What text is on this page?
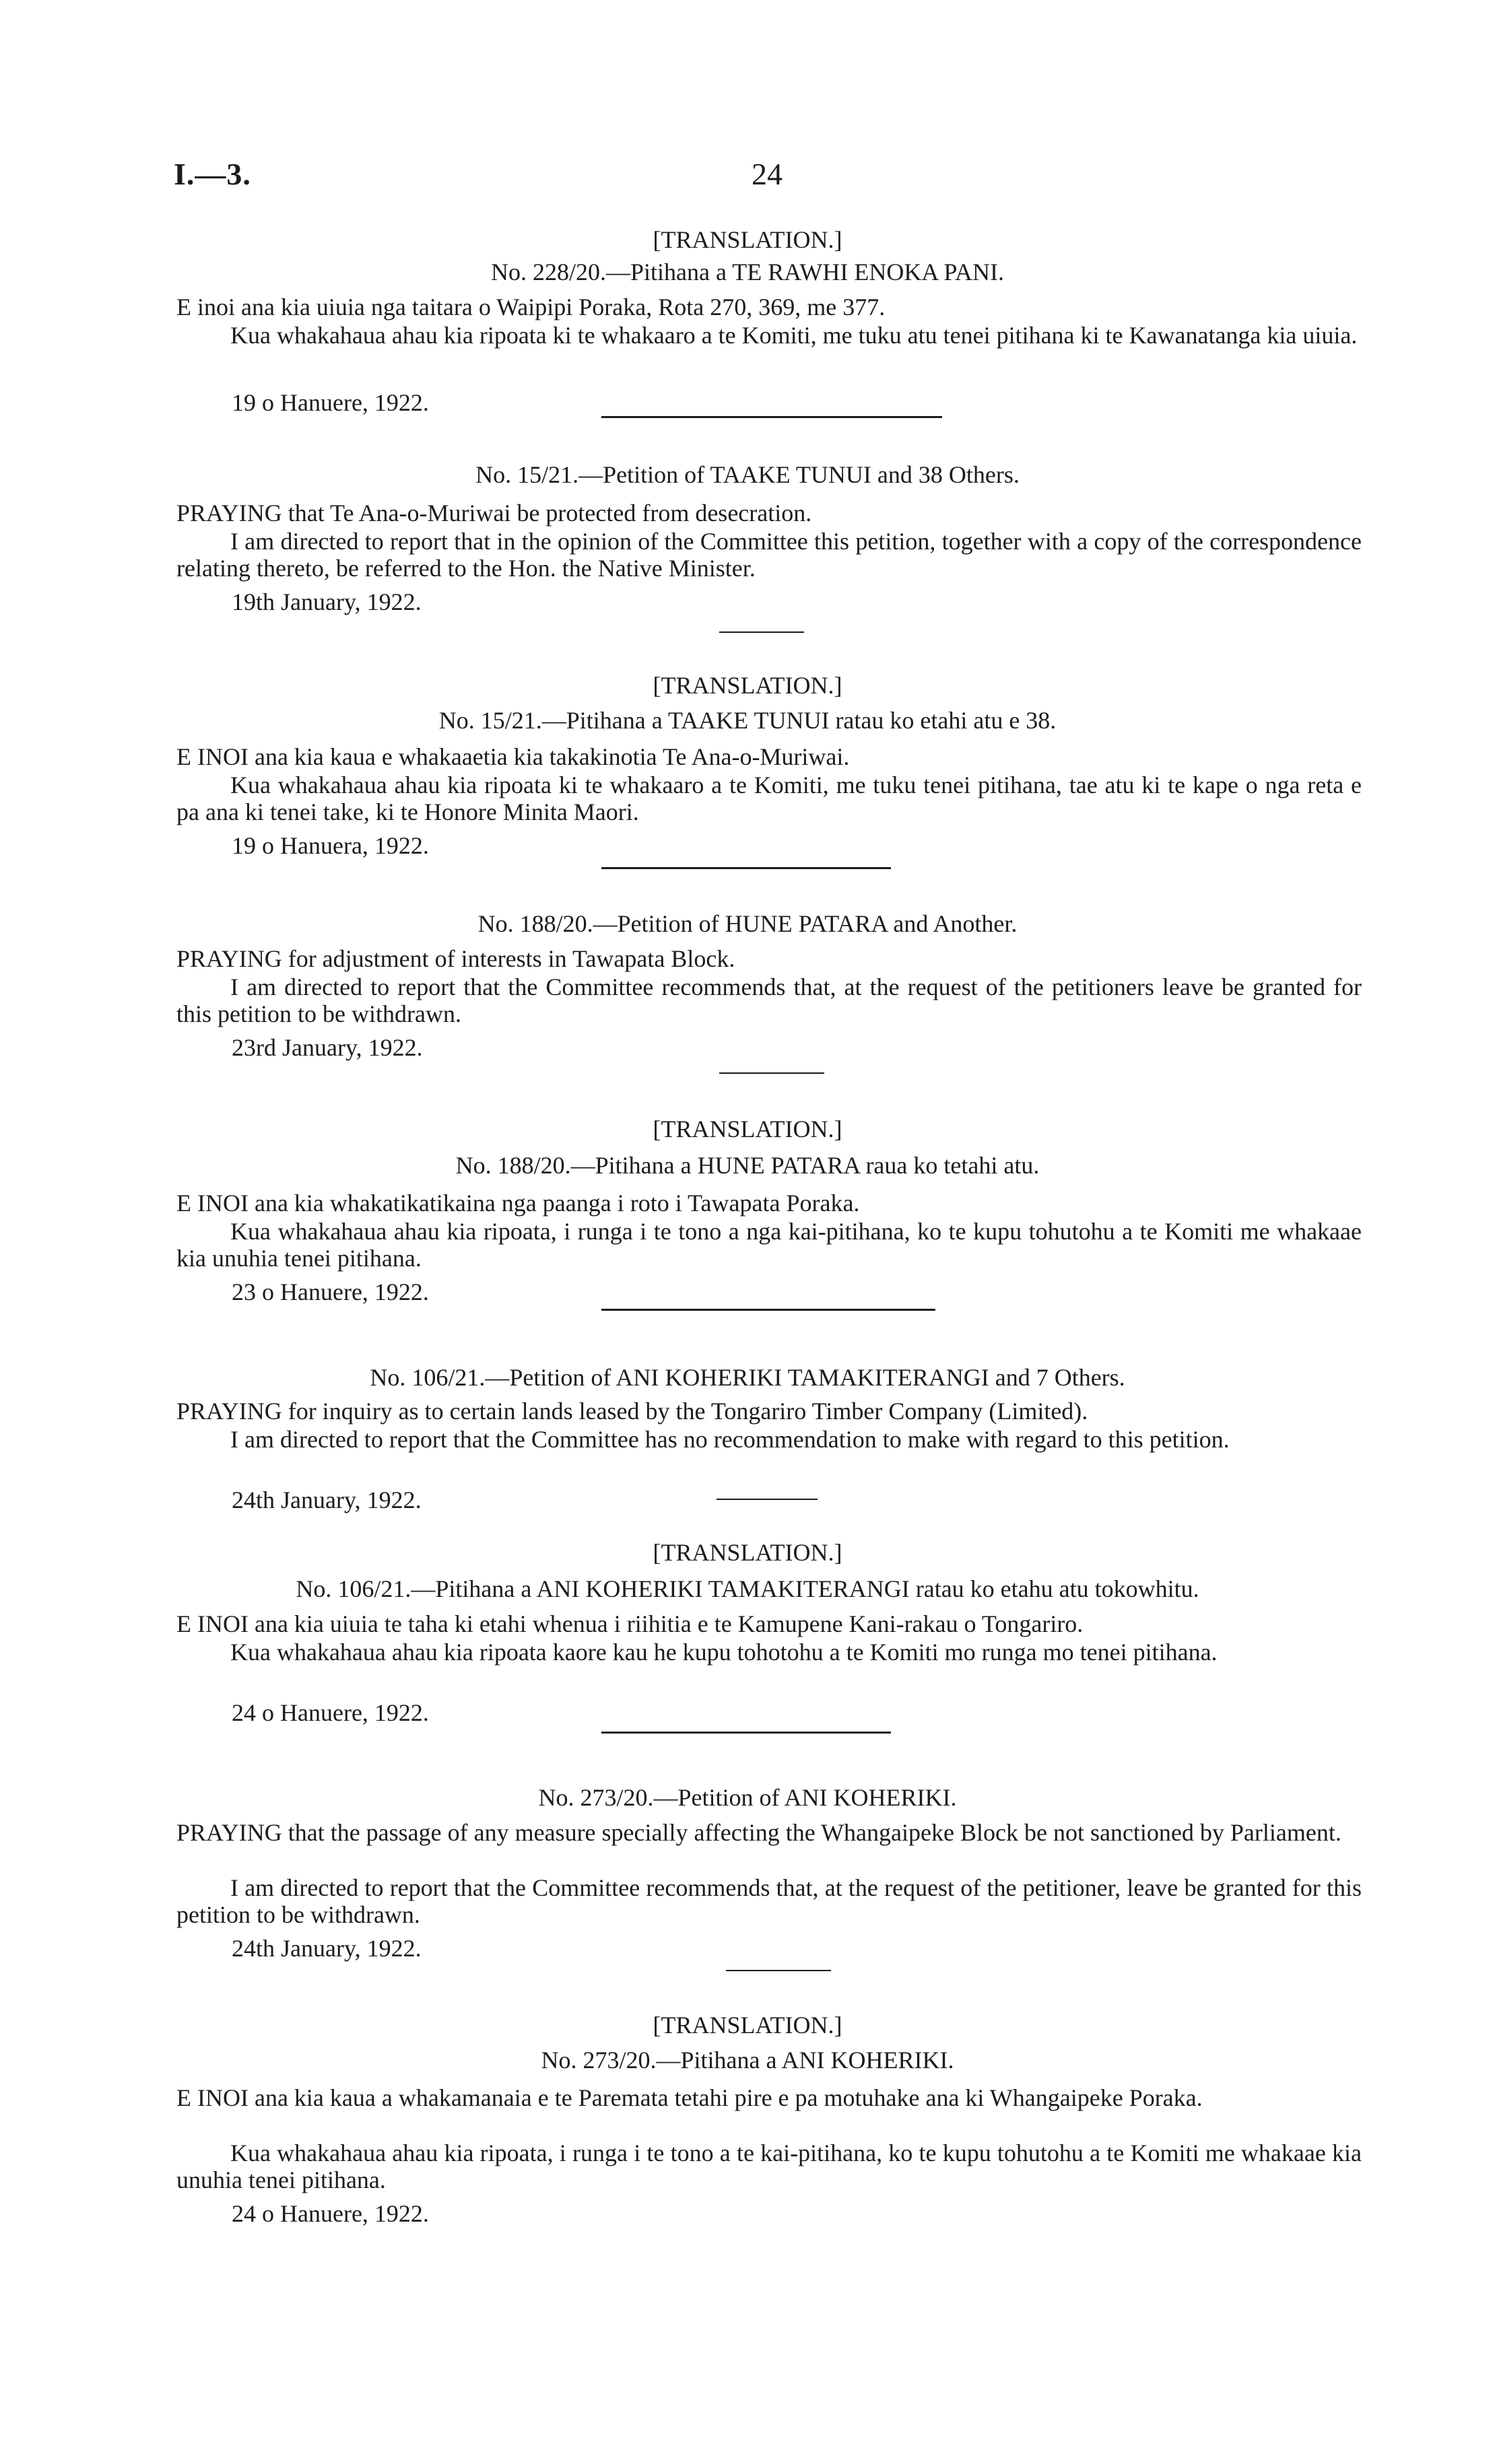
I.—3.	24
[TRANSLATION.]
No. 228/20.—Pitihana a TE RAWHI ENOKA PANI.
E inoi ana kia uiuia nga taitara o Waipipi Poraka, Rota 270, 369, me 377.
Kua whakahaua ahau kia ripoata ki te whakaaro a te Komiti, me tuku atu tenei pitihana ki te Kawanatanga kia uiuia.
19 o Hanuere, 1922.
No. 15/21.—Petition of TAAKE TUNUI and 38 Others.
PRAYING that Te Ana-o-Muriwai be protected from desecration.
I am directed to report that in the opinion of the Committee this petition, together with a copy of the correspondence relating thereto, be referred to the Hon. the Native Minister.
19th January, 1922.
[TRANSLATION.]
No. 15/21.—Pitihana a TAAKE TUNUI ratau ko etahi atu e 38.
E INOI ana kia kaua e whakaaetia kia takakinotia Te Ana-o-Muriwai.
Kua whakahaua ahau kia ripoata ki te whakaaro a te Komiti, me tuku tenei pitihana, tae atu ki te kape o nga reta e pa ana ki tenei take, ki te Honore Minita Maori.
19 o Hanuera, 1922.
No. 188/20.—Petition of HUNE PATARA and Another.
PRAYING for adjustment of interests in Tawapata Block.
I am directed to report that the Committee recommends that, at the request of the petitioners leave be granted for this petition to be withdrawn.
23rd January, 1922.
[TRANSLATION.]
No. 188/20.—Pitihana a HUNE PATARA raua ko tetahi atu.
E INOI ana kia whakatikatikaina nga paanga i roto i Tawapata Poraka.
Kua whakahaua ahau kia ripoata, i runga i te tono a nga kai-pitihana, ko te kupu tohutohu a te Komiti me whakaae kia unuhia tenei pitihana.
23 o Hanuere, 1922.
No. 106/21.—Petition of ANI KOHERIKI TAMAKITERANGI and 7 Others.
PRAYING for inquiry as to certain lands leased by the Tongariro Timber Company (Limited).
I am directed to report that the Committee has no recommendation to make with regard to this petition.
24th January, 1922.
[TRANSLATION.]
No. 106/21.—Pitihana a ANI KOHERIKI TAMAKITERANGI ratau ko etahu atu tokowhitu.
E INOI ana kia uiuia te taha ki etahi whenua i riihitia e te Kamupene Kani-rakau o Tongariro.
Kua whakahaua ahau kia ripoata kaore kau he kupu tohotohu a te Komiti mo runga mo tenei pitihana.
24 o Hanuere, 1922.
No. 273/20.—Petition of ANI KOHERIKI.
PRAYING that the passage of any measure specially affecting the Whangaipeke Block be not sanctioned by Parliament.
I am directed to report that the Committee recommends that, at the request of the petitioner, leave be granted for this petition to be withdrawn.
24th January, 1922.
[TRANSLATION.]
No. 273/20.—Pitihana a ANI KOHERIKI.
E INOI ana kia kaua a whakamanaia e te Paremata tetahi pire e pa motuhake ana ki Whangaipeke Poraka.
Kua whakahaua ahau kia ripoata, i runga i te tono a te kai-pitihana, ko te kupu tohutohu a te Komiti me whakaae kia unuhia tenei pitihana.
24 o Hanuere, 1922.
